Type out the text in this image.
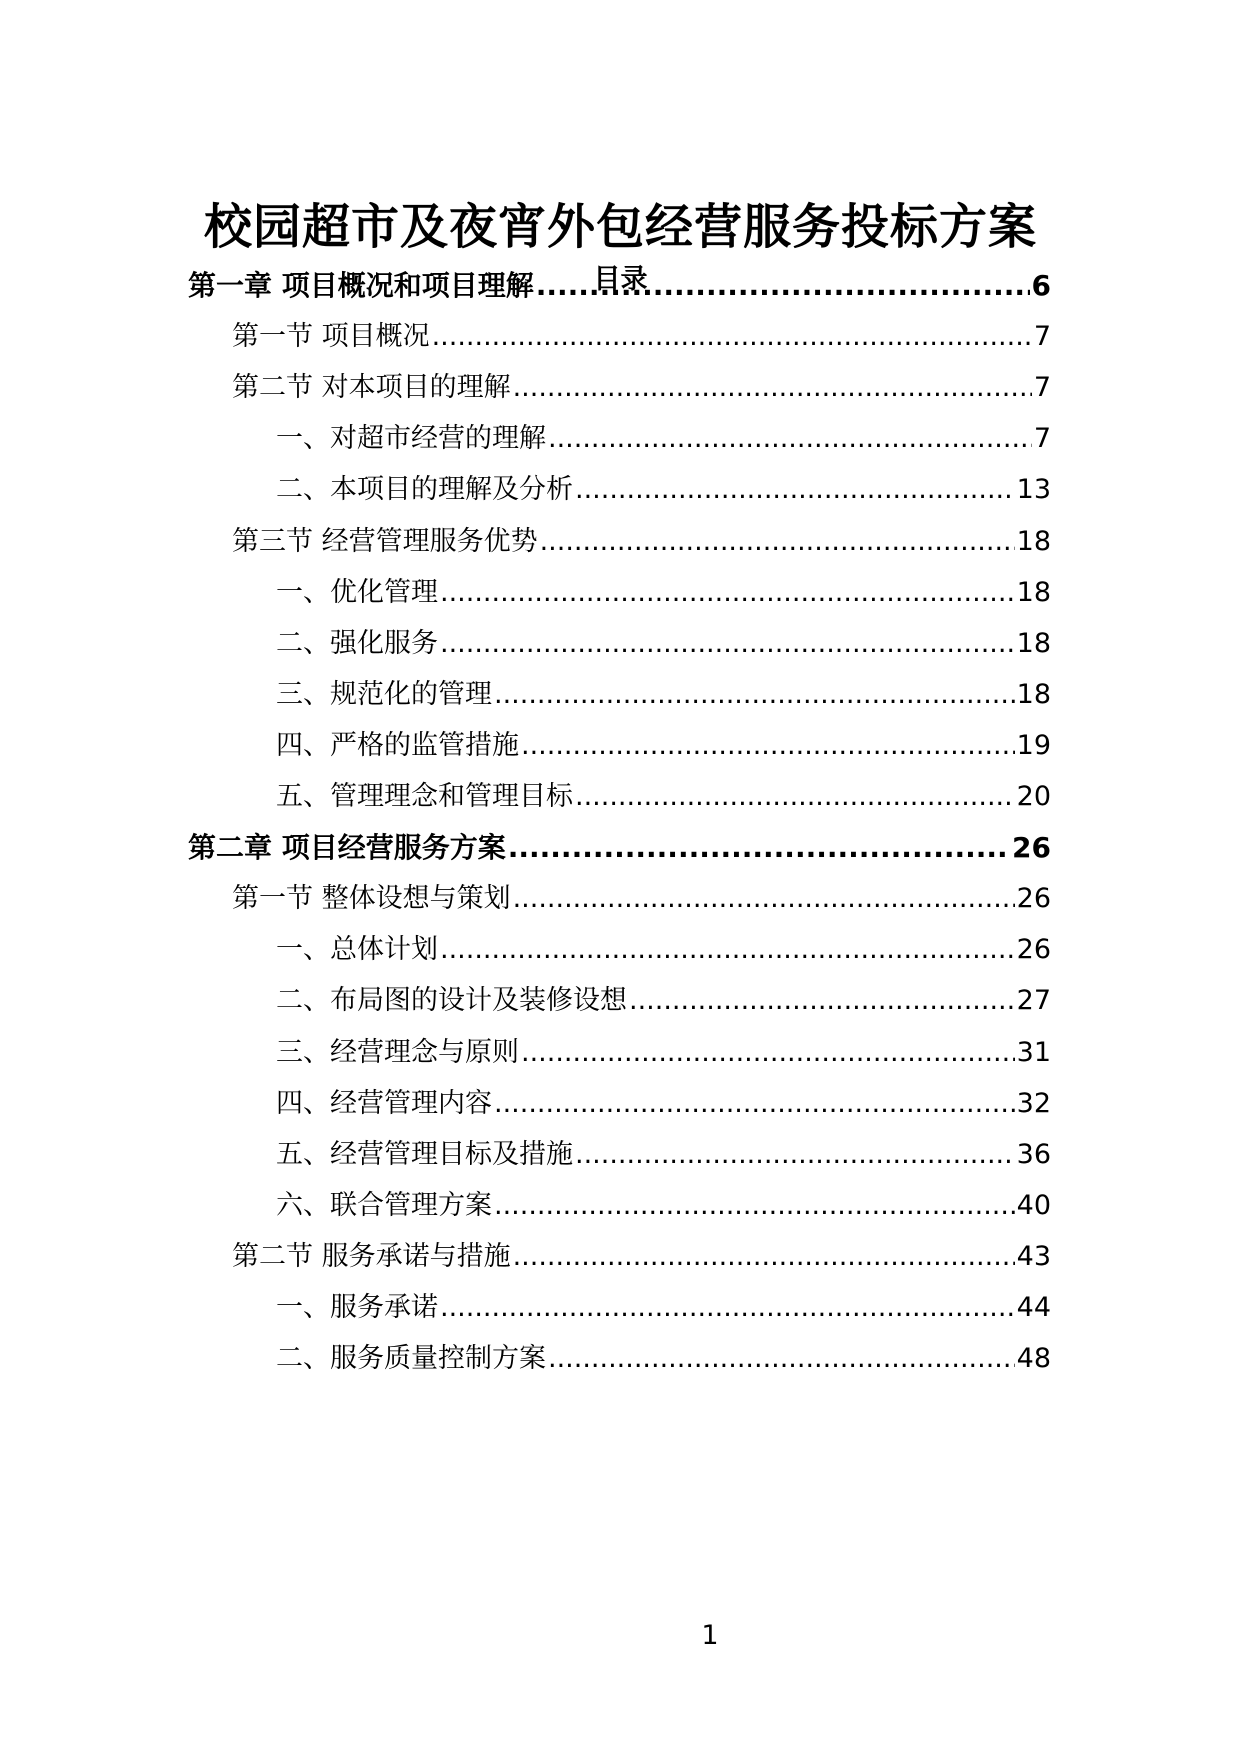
校园超市及夜宵外包经营服务投标方案
目录
第一章 项目概况和项目理解 .....	6
第一节 项目概况 .....	7
第二节 对本项目的理解 .....	7
一、对超市经营的理解 .....	7
二、本项目的理解及分析 .....	13
第三节 经营管理服务优势 .....	18
一、优化管理 .....	18
二、强化服务 .....	18
三、规范化的管理 .....	18
四、严格的监管措施 .....	19
五、管理理念和管理目标 .....	20
第二章 项目经营服务方案 .....	26
第一节 整体设想与策划 .....	26
一、总体计划 .....	26
二、布局图的设计及装修设想 .....	27
三、经营理念与原则 .....	31
四、经营管理内容 .....	32
五、经营管理目标及措施 .....	36
六、联合管理方案 .....	40
第二节 服务承诺与措施 .....	43
一、服务承诺 .....	44
二、服务质量控制方案 .....	48
1
